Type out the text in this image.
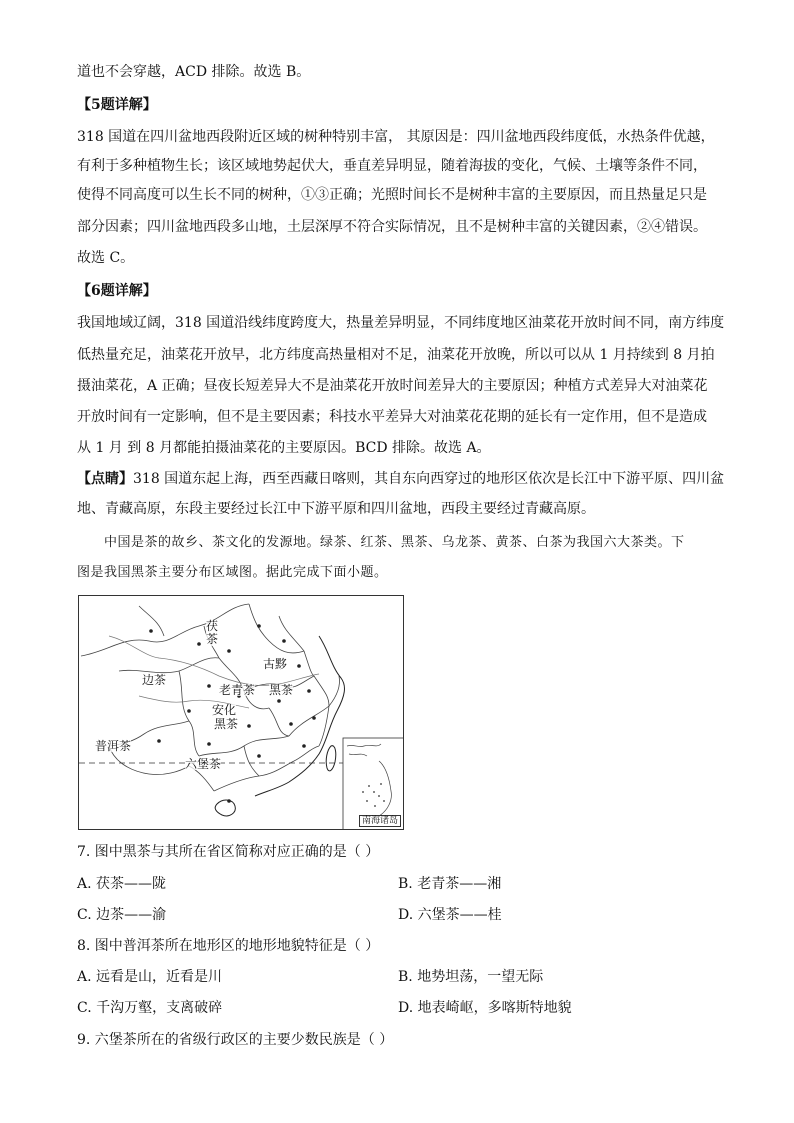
道也不会穿越，ACD 排除。故选 B。
【5题详解】
318 国道在四川盆地西段附近区域的树种特别丰富， 其原因是：四川盆地西段纬度低，水热条件优越，
有利于多种植物生长；该区域地势起伏大，垂直差异明显，随着海拔的变化，气候、土壤等条件不同，
使得不同高度可以生长不同的树种，①③正确；光照时间长不是树种丰富的主要原因，而且热量足只是
部分因素；四川盆地西段多山地，土层深厚不符合实际情况，且不是树种丰富的关键因素，②④错误。
故选 C。
【6题详解】
我国地域辽阔，318 国道沿线纬度跨度大，热量差异明显，不同纬度地区油菜花开放时间不同，南方纬度
低热量充足，油菜花开放早，北方纬度高热量相对不足，油菜花开放晚，所以可以从 1 月持续到 8 月拍
摄油菜花，A 正确；昼夜长短差异大不是油菜花开放时间差异大的主要原因；种植方式差异大对油菜花
开放时间有一定影响，但不是主要因素；科技水平差异大对油菜花花期的延长有一定作用，但不是造成
从 1 月 到 8 月都能拍摄油菜花的主要原因。BCD 排除。故选 A。
【点睛】318 国道东起上海，西至西藏日喀则，其自东向西穿过的地形区依次是长江中下游平原、四川盆
地、青藏高原，东段主要经过长江中下游平原和四川盆地，西段主要经过青藏高原。
中国是茶的故乡、茶文化的发源地。绿茶、红茶、黑茶、乌龙茶、黄茶、白茶为我国六大茶类。下
图是我国黑茶主要分布区域图。据此完成下面小题。
茯茶
古黟
黑茶
边茶
老青茶
安化
黑茶
普洱茶
六堡茶
南海诸岛
7. 图中黑茶与其所在省区简称对应正确的是（ ）
A. 茯茶——陇	B. 老青茶——湘
C. 边茶——渝	D. 六堡茶——桂
8. 图中普洱茶所在地形区的地形地貌特征是（ ）
A. 远看是山，近看是川	B. 地势坦荡，一望无际
C. 千沟万壑，支离破碎	D. 地表崎岖，多喀斯特地貌
9. 六堡茶所在的省级行政区的主要少数民族是（ ）
